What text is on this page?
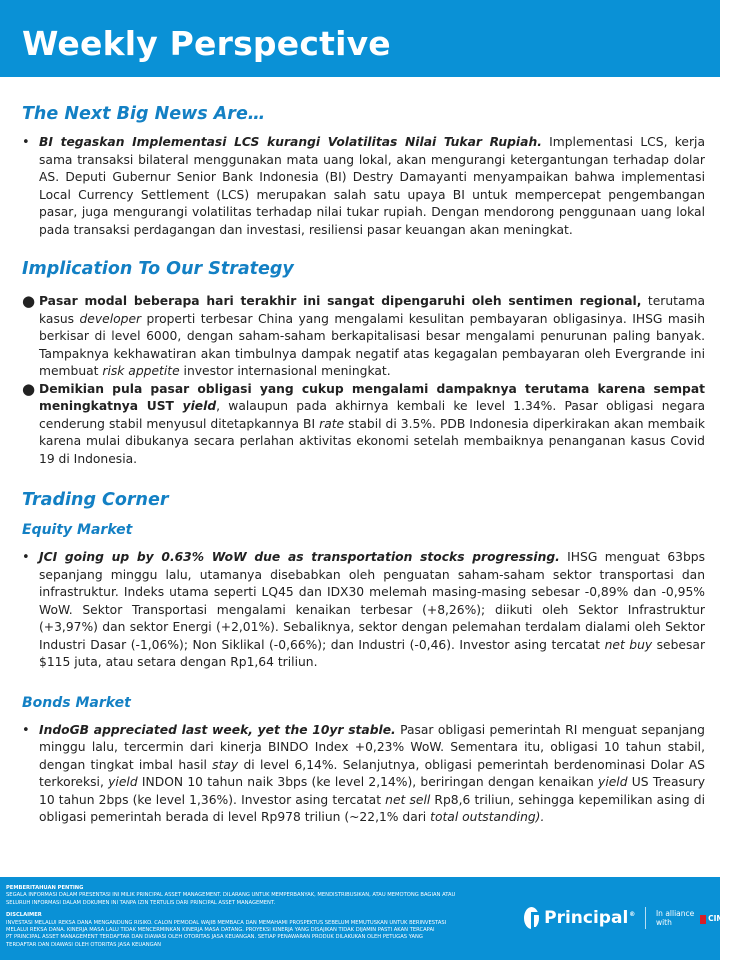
Weekly Perspective
The Next Big News Are…
• BI tegaskan Implementasi LCS kurangi Volatilitas Nilai Tukar Rupiah. Implementasi LCS, kerja sama transaksi bilateral menggunakan mata uang lokal, akan mengurangi ketergantungan terhadap dolar AS. Deputi Gubernur Senior Bank Indonesia (BI) Destry Damayanti menyampaikan bahwa implementasi Local Currency Settlement (LCS) merupakan salah satu upaya BI untuk mempercepat pengembangan pasar, juga mengurangi volatilitas terhadap nilai tukar rupiah. Dengan mendorong penggunaan uang lokal pada transaksi perdagangan dan investasi, resiliensi pasar keuangan akan meningkat.
Implication To Our Strategy
● Pasar modal beberapa hari terakhir ini sangat dipengaruhi oleh sentimen regional, terutama kasus developer properti terbesar China yang mengalami kesulitan pembayaran obligasinya. IHSG masih berkisar di level 6000, dengan saham-saham berkapitalisasi besar mengalami penurunan paling banyak. Tampaknya kekhawatiran akan timbulnya dampak negatif atas kegagalan pembayaran oleh Evergrande ini membuat risk appetite investor internasional meningkat.
● Demikian pula pasar obligasi yang cukup mengalami dampaknya terutama karena sempat meningkatnya UST yield, walaupun pada akhirnya kembali ke level 1.34%. Pasar obligasi negara cenderung stabil menyusul ditetapkannya BI rate stabil di 3.5%. PDB Indonesia diperkirakan akan membaik karena mulai dibukanya secara perlahan aktivitas ekonomi setelah membaiknya penanganan kasus Covid 19 di Indonesia.
Trading Corner
Equity Market
• JCI going up by 0.63% WoW due as transportation stocks progressing. IHSG menguat 63bps sepanjang minggu lalu, utamanya disebabkan oleh penguatan saham-saham sektor transportasi dan infrastruktur. Indeks utama seperti LQ45 dan IDX30 melemah masing-masing sebesar -0,89% dan -0,95% WoW. Sektor Transportasi mengalami kenaikan terbesar (+8,26%); diikuti oleh Sektor Infrastruktur (+3,97%) dan sektor Energi (+2,01%). Sebaliknya, sektor dengan pelemahan terdalam dialami oleh Sektor Industri Dasar (-1,06%); Non Siklikal (-0,66%); dan Industri (-0,46). Investor asing tercatat net buy sebesar $115 juta, atau setara dengan Rp1,64 triliun.
Bonds Market
• IndoGB appreciated last week, yet the 10yr stable. Pasar obligasi pemerintah RI menguat sepanjang minggu lalu, tercermin dari kinerja BINDO Index +0,23% WoW. Sementara itu, obligasi 10 tahun stabil, dengan tingkat imbal hasil stay di level 6,14%. Selanjutnya, obligasi pemerintah berdenominasi Dolar AS terkoreksi, yield INDON 10 tahun naik 3bps (ke level 2,14%), beriringan dengan kenaikan yield US Treasury 10 tahun 2bps (ke level 1,36%). Investor asing tercatat net sell Rp8,6 triliun, sehingga kepemilikan asing di obligasi pemerintah berada di level Rp978 triliun (~22,1% dari total outstanding).

PEMBERITAHUAN PENTING

SEGALA INFORMASI DALAM PRESENTASI INI MILIK PRINCIPAL ASSET MANAGEMENT. DILARANG UNTUK MEMPERBANYAK, MENDISTRIBUSIKAN, ATAU MEMOTONG BAGIAN ATAU

SELURUH INFORMASI DALAM DOKUMEN INI TANPA IZIN TERTULIS DARI PRINCIPAL ASSET MANAGEMENT.

DISCLAIMER

INVESTASI MELALUI REKSA DANA MENGANDUNG RISIKO. CALON PEMODAL WAJIB MEMBACA DAN MEMAHAMI PROSPEKTUS SEBELUM MEMUTUSKAN UNTUK BERINVESTASI

MELALUI REKSA DANA. KINERJA MASA LALU TIDAK MENCERMINKAN KINERJA MASA DATANG. PROYEKSI KINERJA YANG DISAJIKAN TIDAK DIJAMIN PASTI AKAN TERCAPAI

PT PRINCIPAL ASSET MANAGEMENT TERDAFTAR DAN DIAWASI OLEH OTORITAS JASA KEUANGAN. SETIAP PENAWARAN PRODUK DILAKUKAN OLEH PETUGAS YANG

TERDAFTAR DAN DIAWASI OLEH OTORITAS JASA KEUANGAN

Principal®	In alliance with	CIMB
